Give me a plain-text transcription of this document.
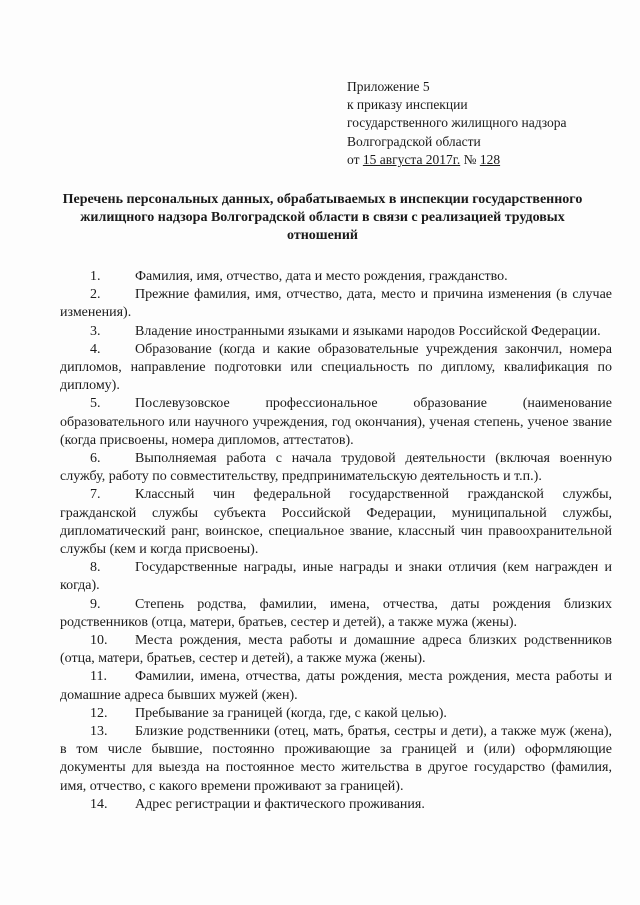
Приложение 5
к приказу инспекции
государственного жилищного надзора
Волгоградской области
от 15 августа 2017г. № 128
Перечень персональных данных, обрабатываемых в инспекции государственного жилищного надзора Волгоградской области в связи с реализацией трудовых отношений

1. Фамилия, имя, отчество, дата и место рождения, гражданство.

2. Прежние фамилия, имя, отчество, дата, место и причина изменения (в случае изменения).

3. Владение иностранными языками и языками народов Российской Федерации.

4. Образование (когда и какие образовательные учреждения закончил, номера дипломов, направление подготовки или специальность по диплому, квалификация по диплому).

5. Послевузовское профессиональное образование (наименование образовательного или научного учреждения, год окончания), ученая степень, ученое звание (когда присвоены, номера дипломов, аттестатов).

6. Выполняемая работа с начала трудовой деятельности (включая военную службу, работу по совместительству, предпринимательскую деятельность и т.п.).

7. Классный чин федеральной государственной гражданской службы, гражданской службы субъекта Российской Федерации, муниципальной службы, дипломатический ранг, воинское, специальное звание, классный чин правоохранительной службы (кем и когда присвоены).

8. Государственные награды, иные награды и знаки отличия (кем награжден и когда).

9. Степень родства, фамилии, имена, отчества, даты рождения близких родственников (отца, матери, братьев, сестер и детей), а также мужа (жены).

10. Места рождения, места работы и домашние адреса близких родственников (отца, матери, братьев, сестер и детей), а также мужа (жены).

11. Фамилии, имена, отчества, даты рождения, места рождения, места работы и домашние адреса бывших мужей (жен).

12. Пребывание за границей (когда, где, с какой целью).

13. Близкие родственники (отец, мать, братья, сестры и дети), а также муж (жена), в том числе бывшие, постоянно проживающие за границей и (или) оформляющие документы для выезда на постоянное место жительства в другое государство (фамилия, имя, отчество, с какого времени проживают за границей).

14. Адрес регистрации и фактического проживания.
